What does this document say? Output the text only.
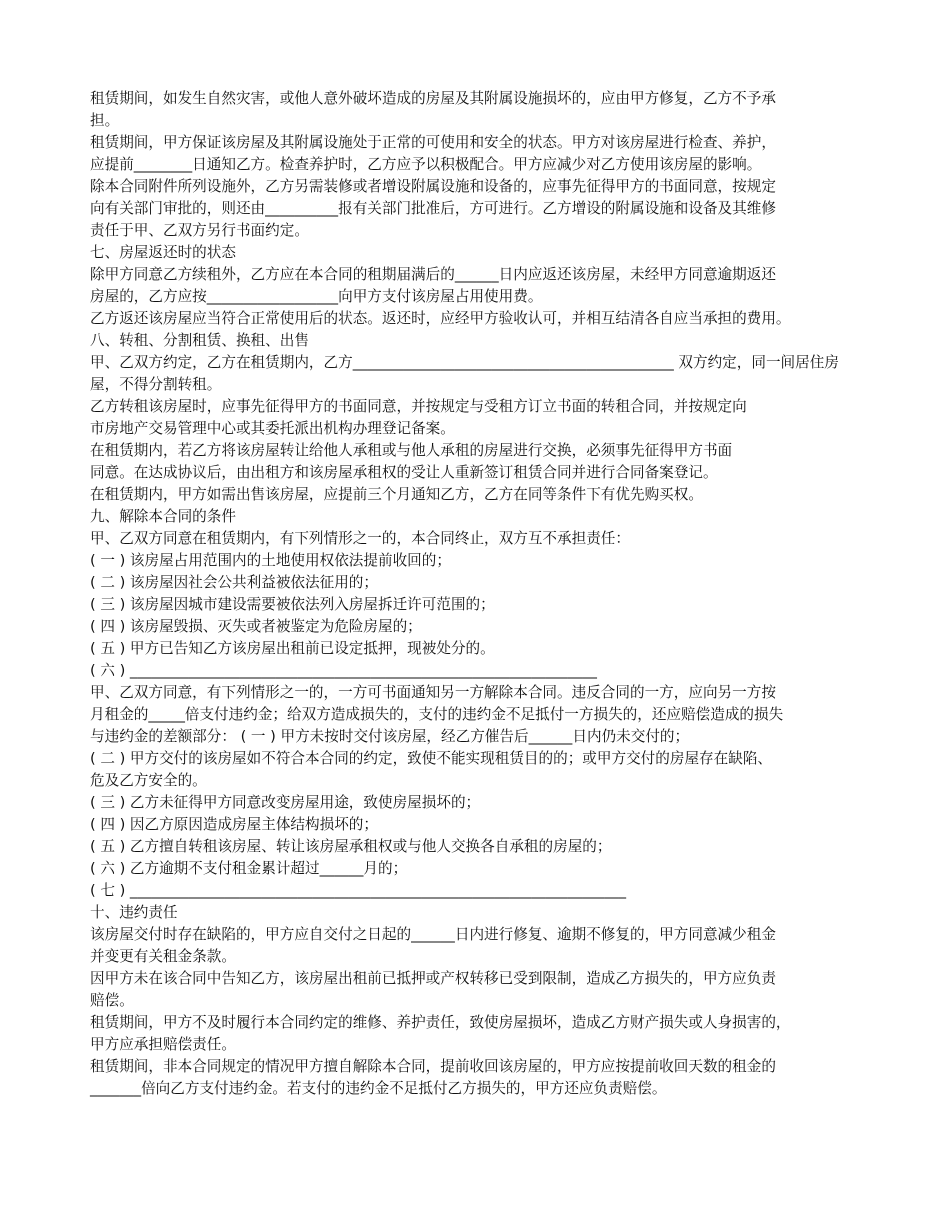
租赁期间，如发生自然灾害，或他人意外破坏造成的房屋及其附属设施损坏的，应由甲方修复，乙方不予承
担。
租赁期间，甲方保证该房屋及其附属设施处于正常的可使用和安全的状态。甲方对该房屋进行检查、养护，
应提前________日通知乙方。检查养护时，乙方应予以积极配合。甲方应减少对乙方使用该房屋的影响。
除本合同附件所列设施外，乙方另需装修或者增设附属设施和设备的，应事先征得甲方的书面同意，按规定
向有关部门审批的，则还由__________报有关部门批准后，方可进行。乙方增设的附属设施和设备及其维修
责任于甲、乙双方另行书面约定。
七、房屋返还时的状态
除甲方同意乙方续租外，乙方应在本合同的租期届满后的______日内应返还该房屋，未经甲方同意逾期返还
房屋的，乙方应按__________________向甲方支付该房屋占用使用费。
乙方返还该房屋应当符合正常使用后的状态。返还时，应经甲方验收认可，并相互结清各自应当承担的费用。
八、转租、分割租赁、换租、出售
甲、乙双方约定，乙方在租赁期内，乙方____________________________________________ 双方约定，同一间居住房
屋，不得分割转租。
乙方转租该房屋时，应事先征得甲方的书面同意，并按规定与受租方订立书面的转租合同，并按规定向
市房地产交易管理中心或其委托派出机构办理登记备案。
在租赁期内，若乙方将该房屋转让给他人承租或与他人承租的房屋进行交换，必须事先征得甲方书面
同意。在达成协议后，由出租方和该房屋承租权的受让人重新签订租赁合同并进行合同备案登记。
在租赁期内，甲方如需出售该房屋，应提前三个月通知乙方，乙方在同等条件下有优先购买权。
九、解除本合同的条件
甲、乙双方同意在租赁期内，有下列情形之一的，本合同终止，双方互不承担责任：
( 一 ) 该房屋占用范围内的土地使用权依法提前收回的；
( 二 ) 该房屋因社会公共利益被依法征用的；
( 三 ) 该房屋因城市建设需要被依法列入房屋拆迁许可范围的；
( 四 ) 该房屋毁损、灭失或者被鉴定为危险房屋的；
( 五 ) 甲方已告知乙方该房屋出租前已设定抵押，现被处分的。
( 六 ) ________________________________________________________________
甲、乙双方同意，有下列情形之一的，一方可书面通知另一方解除本合同。违反合同的一方，应向另一方按
月租金的_____倍支付违约金；给双方造成损失的，支付的违约金不足抵付一方损失的，还应赔偿造成的损失
与违约金的差额部分： ( 一 ) 甲方未按时交付该房屋，经乙方催告后______日内仍未交付的；
( 二 ) 甲方交付的该房屋如不符合本合同的约定，致使不能实现租赁目的的；或甲方交付的房屋存在缺陷、
危及乙方安全的。
( 三 ) 乙方未征得甲方同意改变房屋用途，致使房屋损坏的；
( 四 ) 因乙方原因造成房屋主体结构损坏的；
( 五 ) 乙方擅自转租该房屋、转让该房屋承租权或与他人交换各自承租的房屋的；
( 六 ) 乙方逾期不支付租金累计超过______月的；
( 七 ) ____________________________________________________________________
十、违约责任
该房屋交付时存在缺陷的，甲方应自交付之日起的______日内进行修复、逾期不修复的，甲方同意减少租金
并变更有关租金条款。
因甲方未在该合同中告知乙方，该房屋出租前已抵押或产权转移已受到限制，造成乙方损失的，甲方应负责
赔偿。
租赁期间，甲方不及时履行本合同约定的维修、养护责任，致使房屋损坏，造成乙方财产损失或人身损害的，
甲方应承担赔偿责任。
租赁期间，非本合同规定的情况甲方擅自解除本合同，提前收回该房屋的，甲方应按提前收回天数的租金的
_______倍向乙方支付违约金。若支付的违约金不足抵付乙方损失的，甲方还应负责赔偿。
